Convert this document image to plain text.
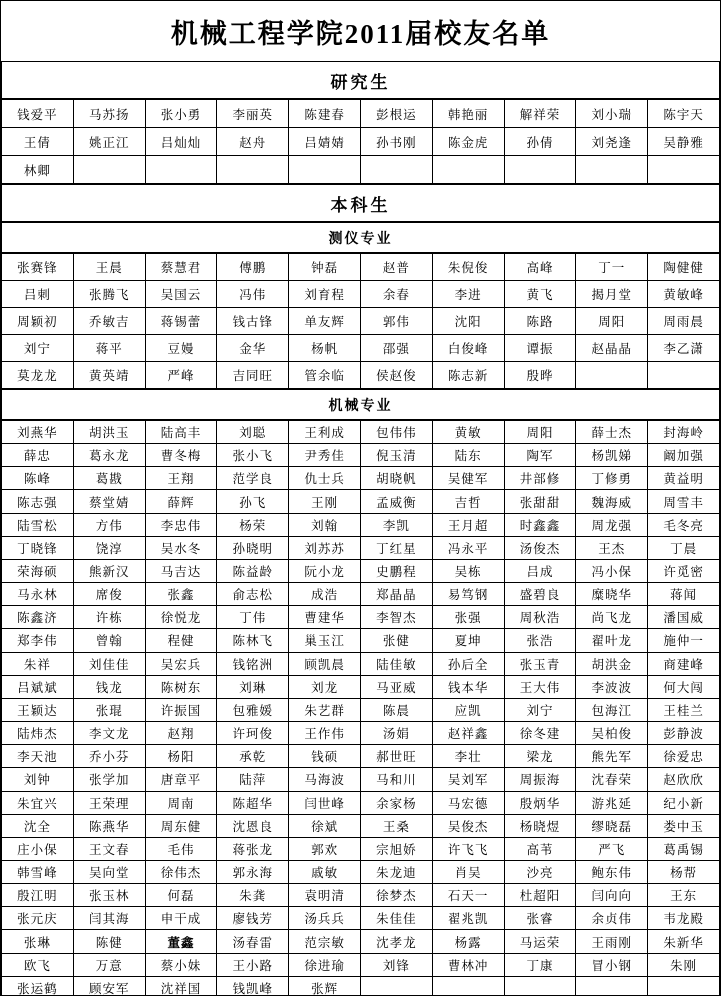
机械工程学院2011届校友名单
研究生
钱爱平	马苏扬	张小勇	李丽英	陈建春	彭根运	韩艳丽	解祥荣	刘小瑞	陈宇天
王倩	姚正江	吕灿灿	赵舟	吕婧婧	孙书刚	陈金虎	孙倩	刘尧逢	吴静雅
林卿									
本科生
测仪专业
张赛锋	王晨	蔡慧君	傅鹏	钟磊	赵普	朱倪俊	高峰	丁一	陶健健
吕刺	张腾飞	吴国云	冯伟	刘育程	余春	李进	黄飞	揭月堂	黄敏峰
周颖初	乔敏吉	蒋锡蕾	钱古锋	单友辉	郭伟	沈阳	陈路	周阳	周雨晨
刘宁	蒋平	豆嫚	金华	杨帆	邵强	白俊峰	谭振	赵晶晶	李乙潇
莫龙龙	黄英靖	严峰	吉同旺	管余临	侯赵俊	陈志新	殷晔		
机械专业
刘燕华	胡洪玉	陆高丰	刘聪	王利成	包伟伟	黄敏	周阳	薛士杰	封海岭
薛忠	葛永龙	曹冬梅	张小飞	尹秀佳	倪玉清	陆东	陶军	杨凯娣	阚加强
陈峰	葛戡	王翔	范学良	仇士兵	胡晓帆	吴健军	井部修	丁修勇	黄益明
陈志强	蔡堂婧	薛辉	孙飞	王刚	孟威衡	吉哲	张甜甜	魏海威	周雪丰
陆雪松	方伟	李忠伟	杨荣	刘翰	李凯	王月超	时鑫鑫	周龙强	毛冬亮
丁晓锋	饶淳	吴水冬	孙晓明	刘苏苏	丁红星	冯永平	汤俊杰	王杰	丁晨
荣海硕	熊新汉	马吉达	陈益龄	阮小龙	史鹏程	吴栋	吕成	冯小保	许觅密
马永林	席俊	张鑫	俞志松	成浩	郑晶晶	易笃钢	盛碧良	糜晓华	蒋闻
陈鑫济	许栋	徐悦龙	丁伟	曹建华	李智杰	张强	周秋浩	尚飞龙	潘国威
郑李伟	曾翰	程健	陈林飞	巢玉江	张健	夏坤	张浩	翟叶龙	施仲一
朱祥	刘佳佳	吴宏兵	钱铭洲	顾凯晨	陆佳敏	孙后全	张玉青	胡洪金	商建峰
吕斌斌	钱龙	陈树东	刘琳	刘龙	马亚威	钱本华	王大伟	李波波	何大闯
王颖达	张琨	许振国	包雅媛	朱艺群	陈晨	应凯	刘宁	包海江	王桂兰
陆炜杰	李文龙	赵翔	许珂俊	王作伟	汤娟	赵祥鑫	徐冬建	吴柏俊	彭静波
李天池	乔小芬	杨阳	承乾	钱硕	郝世旺	李壮	梁龙	熊先军	徐爱忠
刘钟	张学加	唐章平	陆萍	马海波	马和川	吴刘军	周振海	沈春荣	赵欣欣
朱宜兴	王荣理	周南	陈超华	闫世峰	余家杨	马宏德	殷炳华	游兆延	纪小新
沈全	陈燕华	周东健	沈恩良	徐斌	王桑	吴俊杰	杨晓煜	缪晓磊	娄中玉
庄小保	王文春	毛伟	蒋张龙	郭欢	宗旭娇	许飞飞	高苇	严飞	葛禹锡
韩雪峰	吴向堂	徐伟杰	郭永海	戚敏	朱龙迪	肖吴	沙亮	鲍东伟	杨帮
殷江明	张玉林	何磊	朱龚	袁明清	徐梦杰	石天一	杜超阳	闫向向	王东
张元庆	闫其海	申干成	廖钱芳	汤兵兵	朱佳佳	翟兆凯	张睿	余贞伟	韦龙殿
张琳	陈健	董鑫	汤春雷	范宗敏	沈孝龙	杨露	马运荣	王雨刚	朱新华
欧飞	万意	蔡小妹	王小路	徐进瑜	刘锋	曹林冲	丁康	冒小钢	朱刚
张运鹤	顾安军	沈祥国	钱凯峰	张辉					
